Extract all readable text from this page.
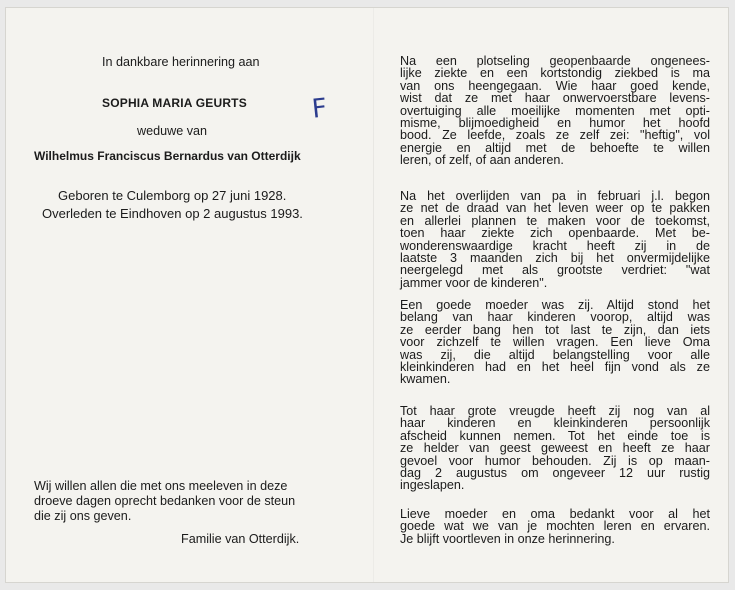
In dankbare herinnering aan
SOPHIA MARIA GEURTS
weduwe van
Wilhelmus Franciscus Bernardus van Otterdijk
Geboren te Culemborg op 27 juni 1928.
Overleden te Eindhoven op 2 augustus 1993.
Wij willen allen die met ons meeleven in deze
droeve dagen oprecht bedanken voor de steun
die zij ons geven.
Familie van Otterdijk.
F
Na een plotseling geopenbaarde ongenees-
lijke ziekte en een kortstondig ziekbed is ma
van ons heengegaan. Wie haar goed kende,
wist dat ze met haar onwervoerstbare levens-
overtuiging alle moeilijke momenten met opti-
misme, blijmoedigheid en humor het hoofd
bood. Ze leefde, zoals ze zelf zei: "heftig", vol
energie en altijd met de behoefte te willen
leren, of zelf, of aan anderen.
Na het overlijden van pa in februari j.l. begon
ze net de draad van het leven weer op te pakken
en allerlei plannen te maken voor de toekomst,
toen haar ziekte zich openbaarde. Met be-
wonderenswaardige kracht heeft zij in de
laatste 3 maanden zich bij het onvermijdelijke
neergelegd met als grootste verdriet: "wat
jammer voor de kinderen".
Een goede moeder was zij. Altijd stond het
belang van haar kinderen voorop, altijd was
ze eerder bang hen tot last te zijn, dan iets
voor zichzelf te willen vragen. Een lieve Oma
was zij, die altijd belangstelling voor alle
kleinkinderen had en het heel fijn vond als ze
kwamen.
Tot haar grote vreugde heeft zij nog van al
haar kinderen en kleinkinderen persoonlijk
afscheid kunnen nemen. Tot het einde toe is
ze helder van geest geweest en heeft ze haar
gevoel voor humor behouden. Zij is op maan-
dag 2 augustus om ongeveer 12 uur rustig
ingeslapen.
Lieve moeder en oma bedankt voor al het
goede wat we van je mochten leren en ervaren.
Je blijft voortleven in onze herinnering.
